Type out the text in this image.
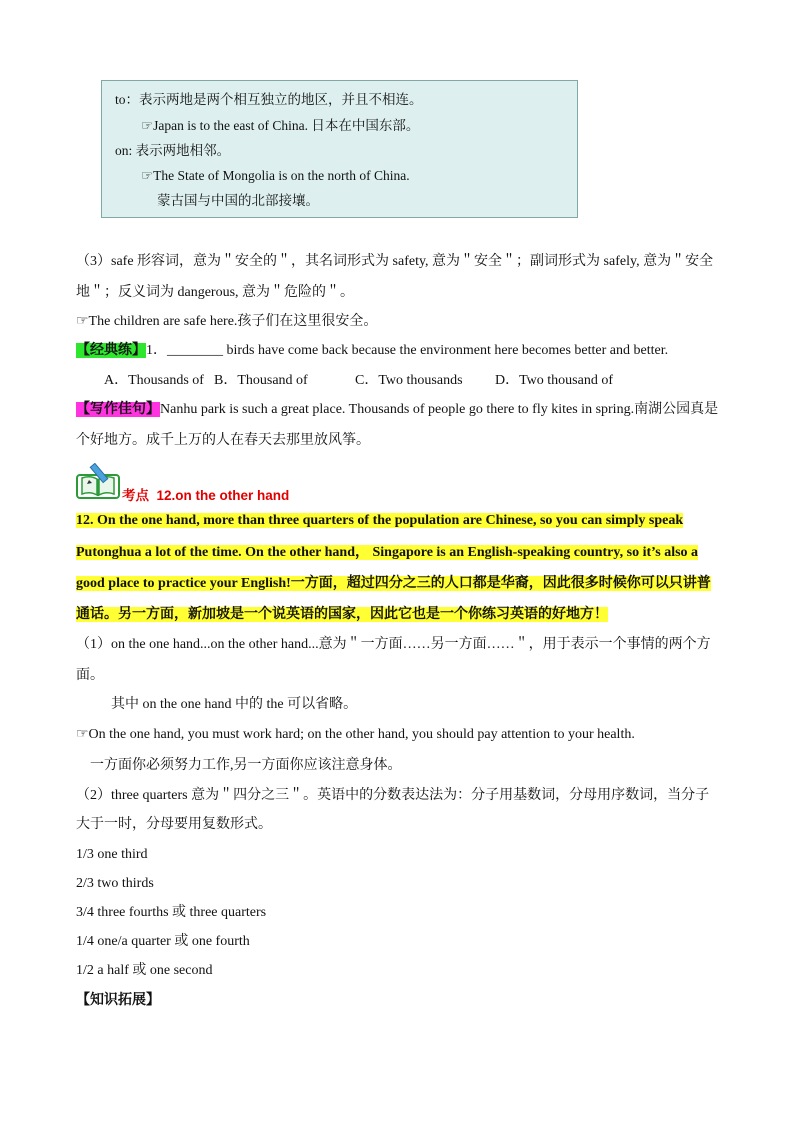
to：表示两地是两个相互独立的地区，并且不相连。
☞Japan is to the east of China. 日本在中国东部。
on: 表示两地相邻。
☞The State of Mongolia is on the north of China.
蒙古国与中国的北部接壤。
（3）safe 形容词，意为＂安全的＂，其名词形式为 safety, 意为＂安全＂；副词形式为 safely, 意为＂安全
地＂；反义词为 dangerous, 意为＂危险的＂。
☞The children are safe here.孩子们在这里很安全。
【经典练】1．________ birds have come back because the environment here becomes better and better.
A．Thousands of B．Thousand of	C．Two thousands D．Two thousand of
【写作佳句】Nanhu park is such a great place. Thousands of people go there to fly kites in spring.南湖公园真是
个好地方。成千上万的人在春天去那里放风筝。
考点 12.on the other hand
12. On the one hand, more than three quarters of the population are Chinese, so you can simply speak
Putonghua a lot of the time. On the other hand， Singapore is an English-speaking country, so it’s also a
good place to practice your English!一方面，超过四分之三的人口都是华裔，因此很多时候你可以只讲普
通话。另一方面，新加坡是一个说英语的国家，因此它也是一个你练习英语的好地方！
（1）on the one hand...on the other hand...意为＂一方面……另一方面……＂，用于表示一个事情的两个方
面。
其中 on the one hand 中的 the 可以省略。
☞On the one hand, you must work hard; on the other hand, you should pay attention to your health.
一方面你必须努力工作,另一方面你应该注意身体。
（2）three quarters 意为＂四分之三＂。英语中的分数表达法为：分子用基数词，分母用序数词，当分子
大于一时，分母要用复数形式。
1/3 one third
2/3 two thirds
3/4 three fourths 或 three quarters
1/4 one/a quarter 或 one fourth
1/2 a half 或 one second
【知识拓展】
